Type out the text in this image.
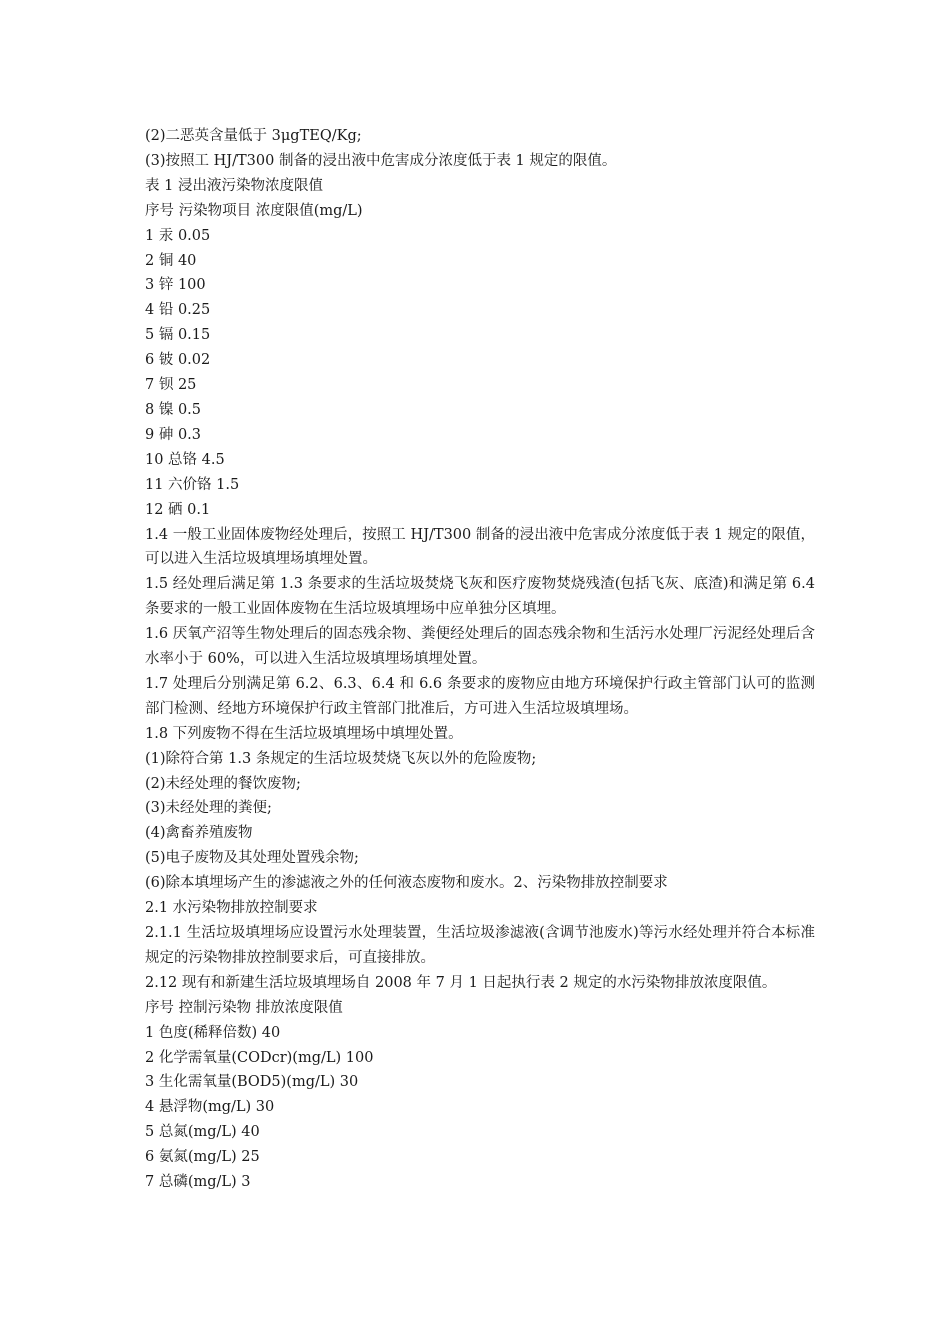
(2)二恶英含量低于 3μgTEQ/Kg;
(3)按照工 HJ/T300 制备的浸出液中危害成分浓度低于表 1 规定的限值。
表 1 浸出液污染物浓度限值
序号 污染物项目 浓度限值(mg/L)
1 汞 0.05
2 铜 40
3 锌 100
4 铅 0.25
5 镉 0.15
6 铍 0.02
7 钡 25
8 镍 0.5
9 砷 0.3
10 总铬 4.5
11 六价铬 1.5
12 硒 0.1
1.4 一般工业固体废物经处理后，按照工 HJ/T300 制备的浸出液中危害成分浓度低于表 1 规定的限值，可以进入生活垃圾填埋场填埋处置。
1.5 经处理后满足第 1.3 条要求的生活垃圾焚烧飞灰和医疗废物焚烧残渣(包括飞灰、底渣)和满足第 6.4 条要求的一般工业固体废物在生活垃圾填埋场中应单独分区填埋。
1.6 厌氧产沼等生物处理后的固态残余物、粪便经处理后的固态残余物和生活污水处理厂污泥经处理后含水率小于 60%，可以进入生活垃圾填埋场填埋处置。
1.7 处理后分别满足第 6.2、6.3、6.4 和 6.6 条要求的废物应由地方环境保护行政主管部门认可的监测部门检测、经地方环境保护行政主管部门批准后，方可进入生活垃圾填埋场。
1.8 下列废物不得在生活垃圾填埋场中填埋处置。
(1)除符合第 1.3 条规定的生活垃圾焚烧飞灰以外的危险废物;
(2)未经处理的餐饮废物;
(3)未经处理的粪便;
(4)禽畜养殖废物
(5)电子废物及其处理处置残余物;
(6)除本填埋场产生的渗滤液之外的任何液态废物和废水。2、污染物排放控制要求
2.1 水污染物排放控制要求
2.1.1 生活垃圾填埋场应设置污水处理装置，生活垃圾渗滤液(含调节池废水)等污水经处理并符合本标准规定的污染物排放控制要求后，可直接排放。
2.12 现有和新建生活垃圾填埋场自 2008 年 7 月 1 日起执行表 2 规定的水污染物排放浓度限值。
序号 控制污染物 排放浓度限值
1 色度(稀释倍数) 40
2 化学需氧量(CODcr)(mg/L) 100
3 生化需氧量(BOD5)(mg/L) 30
4 悬浮物(mg/L) 30
5 总氮(mg/L) 40
6 氨氮(mg/L) 25
7 总磷(mg/L) 3
